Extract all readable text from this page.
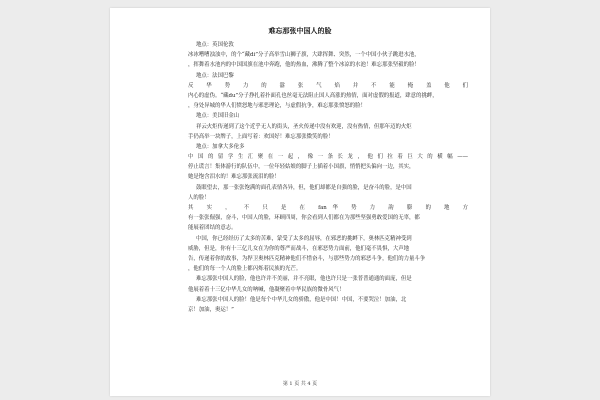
难忘那张中国人的脸
地点：英国伦敦
冰冰嘈嘈浊浊中，的个“藏di”分子高举雪山狮子旗，大肆挥舞、突然，一个中国小伙子跳进水池，
，挥舞着水池内的中国国旗在池中奔跑，他的热血，沸腾了整个冰凉的水池！难忘那张坚毅的脸！
地点：法国巴黎
反 华 势 力 的 嚣 张 气 焰 并 不 能 掩 盖 他 们
内心的虚伪。“藏du”分子挣扎着扑面孔也丝毫无法阻止国人高涨的热情，面对虚假的报道，肆意的挑衅，
，身处异城的华人们愤怒地与邪恶理论，与虚假抗争，难忘那张愤怒的脸！
地点：美国旧金山
祥云火炬传递到了这个近乎无人的街头，圣火传递中没有欢迎，没有热情，但那年迈的火炬
手仍高举一块牌子，上面写着：欢国好！难忘那张微笑的脸！
地点：加拿大多伦多
中 国 的 留 学 生 汇 聚 在 一 起 ， 像 一 条 长 龙 ， 他 们 拉 着 巨 大 的 横 幅 ——
停止谎言！集体游行的队伍中，一位年轻姑娘的脚子上插着小国旗，悄悄把头偏向一边，其实，
她是饱含泪水的！难忘那张流泪的脸！
鼓眼望去，那一张张饱满的面孔表情各异，但，他们却都是自强的脸，是奋斗的脸，是中国
人的脸！
其 实 ， 不 只 是 在 fan华 势 力 韵 膨 的 地 方
有一张张倔强，奋斗，中国人的脸，环顾四周，你会看到人们都在为那些坚强勇敢爱国的无辜，都
能展着团结的意志。
中国，你已经经历了太多的苦难，蒙受了太多的屈辱，在邪恶的挑衅下，奥林匹克精神受到
威胁，但是，你有十三亿儿女在为你的尊严而战斗，在邪恶势力面前，他们毫不畏惧，大声地
告，传递着你的故事，为捍卫奥林匹克精神他们不惜奋斗，与那些势力的邪恶斗争，他们的力量斗争
，他们的每一个人的脸上都闪烁着民族的光芒。
难忘那张中国人的脸，他也许并不美丽，并不亮眼，他也许只是一张普普通通的面庞，但是
他展着着十三亿中华儿女的呐喊，他凝聚着中华民族的微骨风气！
难忘那张中国人的脸！他是每个中华儿女的骄傲，他是中国！中国，不要哭泣！加油，北
京！加油，奥运！”
第 1 页 共 4 页
